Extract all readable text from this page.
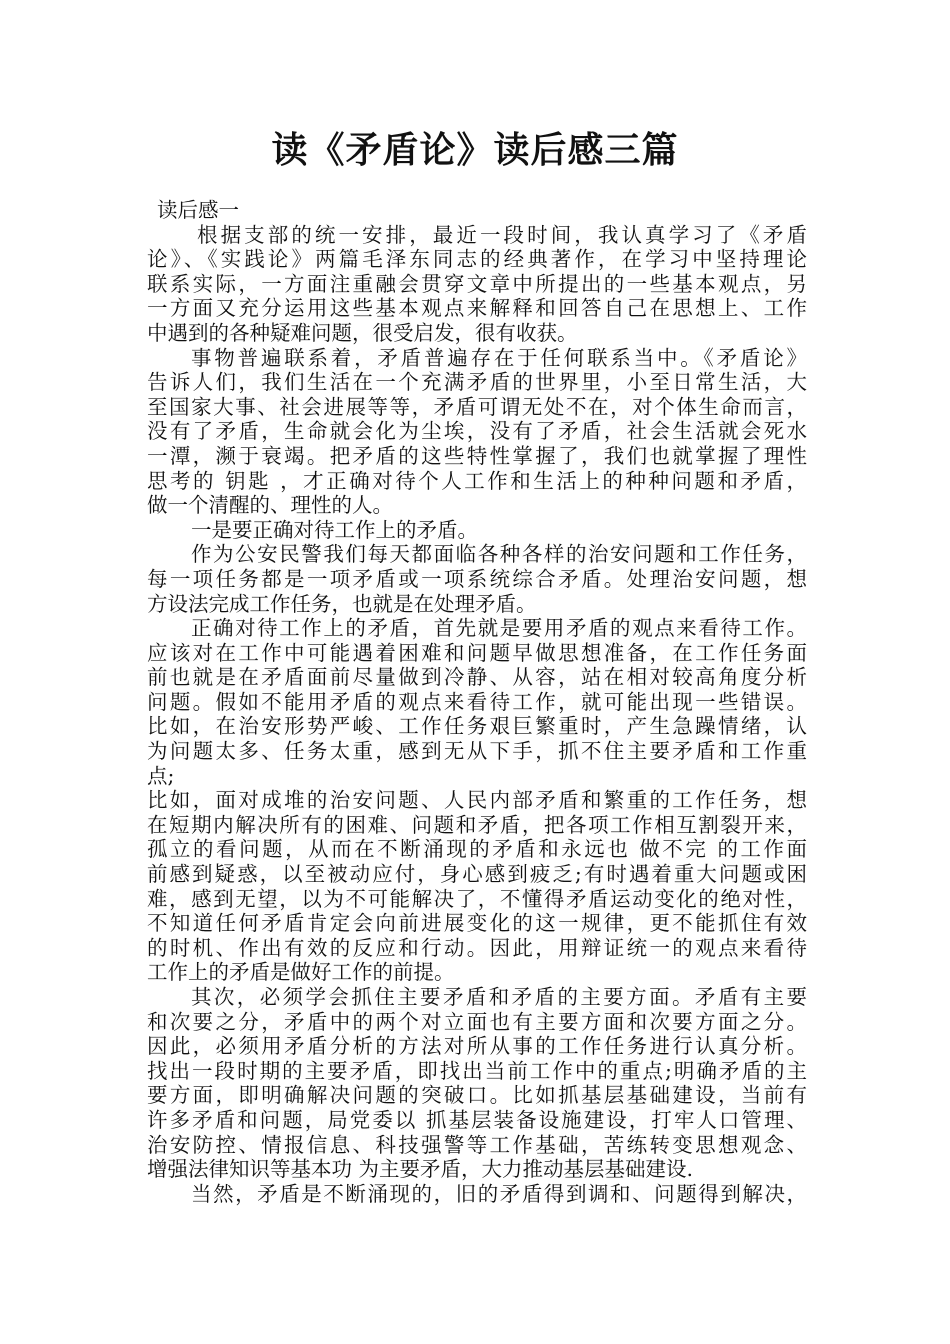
读《矛盾论》读后感三篇
读后感一
根据支部的统一安排，最近一段时间，我认真学习了《矛盾
论》、《实践论》两篇毛泽东同志的经典著作，在学习中坚持理论
联系实际，一方面注重融会贯穿文章中所提出的一些基本观点，另
一方面又充分运用这些基本观点来解释和回答自己在思想上、工作
中遇到的各种疑难问题，很受启发，很有收获。
事物普遍联系着，矛盾普遍存在于任何联系当中。《矛盾论》
告诉人们，我们生活在一个充满矛盾的世界里，小至日常生活，大
至国家大事、社会进展等等，矛盾可谓无处不在，对个体生命而言，
没有了矛盾，生命就会化为尘埃，没有了矛盾，社会生活就会死水
一潭，濒于衰竭。把矛盾的这些特性掌握了，我们也就掌握了理性
思考的 钥匙 ，才正确对待个人工作和生活上的种种问题和矛盾，
做一个清醒的、理性的人。
一是要正确对待工作上的矛盾。
作为公安民警我们每天都面临各种各样的治安问题和工作任务，
每一项任务都是一项矛盾或一项系统综合矛盾。处理治安问题，想
方设法完成工作任务，也就是在处理矛盾。
正确对待工作上的矛盾，首先就是要用矛盾的观点来看待工作。
应该对在工作中可能遇着困难和问题早做思想准备，在工作任务面
前也就是在矛盾面前尽量做到冷静、从容，站在相对较高角度分析
问题。假如不能用矛盾的观点来看待工作，就可能出现一些错误。
比如，在治安形势严峻、工作任务艰巨繁重时，产生急躁情绪，认
为问题太多、任务太重，感到无从下手，抓不住主要矛盾和工作重
点;
比如，面对成堆的治安问题、人民内部矛盾和繁重的工作任务，想
在短期内解决所有的困难、问题和矛盾，把各项工作相互割裂开来，
孤立的看问题，从而在不断涌现的矛盾和永远也 做不完 的工作面
前感到疑惑，以至被动应付，身心感到疲乏;有时遇着重大问题或困
难，感到无望，以为不可能解决了，不懂得矛盾运动变化的绝对性，
不知道任何矛盾肯定会向前进展变化的这一规律，更不能抓住有效
的时机、作出有效的反应和行动。因此，用辩证统一的观点来看待
工作上的矛盾是做好工作的前提。
其次，必须学会抓住主要矛盾和矛盾的主要方面。矛盾有主要
和次要之分，矛盾中的两个对立面也有主要方面和次要方面之分。
因此，必须用矛盾分析的方法对所从事的工作任务进行认真分析。
找出一段时期的主要矛盾，即找出当前工作中的重点;明确矛盾的主
要方面，即明确解决问题的突破口。比如抓基层基础建设，当前有
许多矛盾和问题，局党委以 抓基层装备设施建设，打牢人口管理、
治安防控、情报信息、科技强警等工作基础，苦练转变思想观念、
增强法律知识等基本功 为主要矛盾，大力推动基层基础建设.
当然，矛盾是不断涌现的，旧的矛盾得到调和、问题得到解决，
